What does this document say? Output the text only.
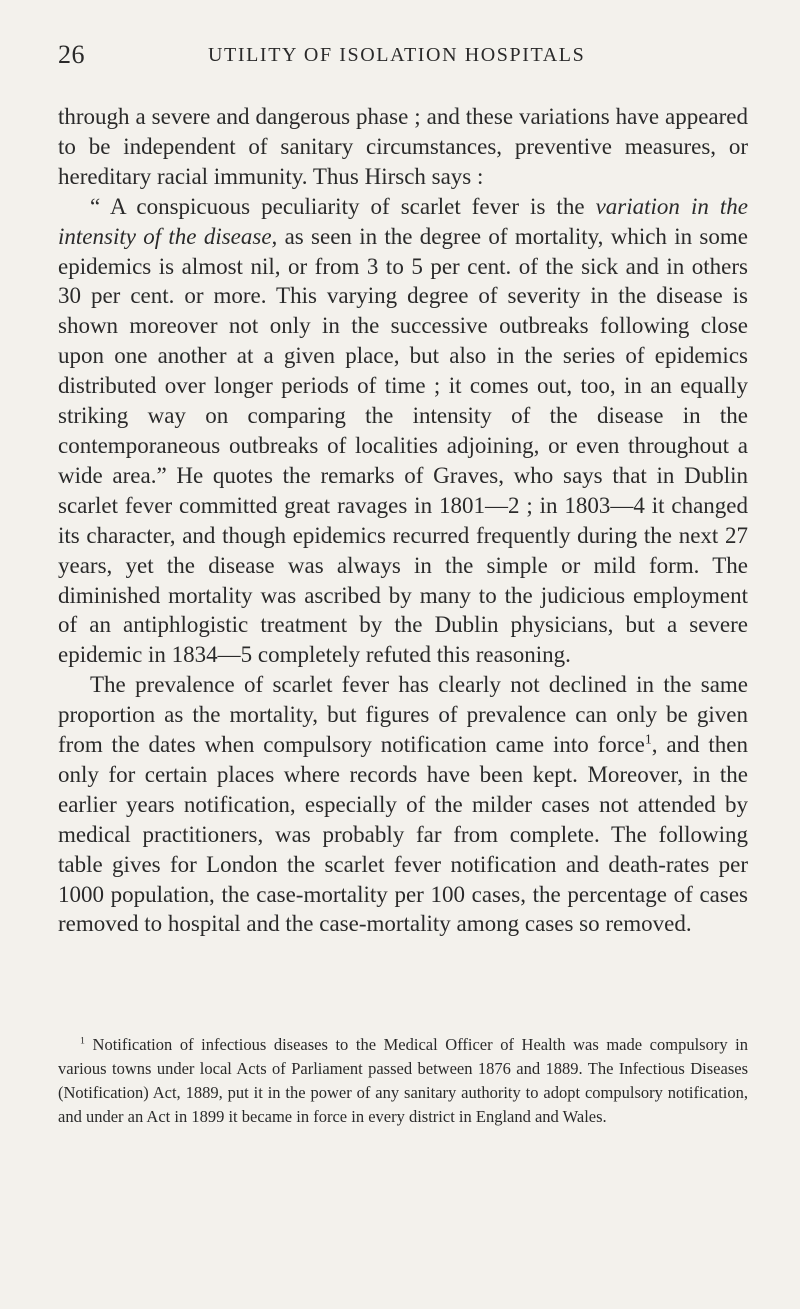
26	UTILITY OF ISOLATION HOSPITALS

through a severe and dangerous phase ; and these variations have appeared to be independent of sanitary circumstances, preventive measures, or hereditary racial immunity. Thus Hirsch says :

“ A conspicuous peculiarity of scarlet fever is the variation in the intensity of the disease, as seen in the degree of mortality, which in some epidemics is almost nil, or from 3 to 5 per cent. of the sick and in others 30 per cent. or more. This varying degree of severity in the disease is shown moreover not only in the successive outbreaks following close upon one another at a given place, but also in the series of epidemics distributed over longer periods of time ; it comes out, too, in an equally striking way on comparing the intensity of the disease in the contemporaneous outbreaks of localities adjoining, or even throughout a wide area.” He quotes the remarks of Graves, who says that in Dublin scarlet fever committed great ravages in 1801—2 ; in 1803—4 it changed its character, and though epidemics recurred frequently during the next 27 years, yet the disease was always in the simple or mild form. The diminished mortality was ascribed by many to the judicious employment of an antiphlogistic treatment by the Dublin physicians, but a severe epidemic in 1834—5 completely refuted this reasoning.

The prevalence of scarlet fever has clearly not declined in the same proportion as the mortality, but figures of prevalence can only be given from the dates when compulsory notification came into force$^1$, and then only for certain places where records have been kept. Moreover, in the earlier years notification, especially of the milder cases not attended by medical practitioners, was probably far from complete. The following table gives for London the scarlet fever notification and death-rates per 1000 population, the case-mortality per 100 cases, the percentage of cases removed to hospital and the case-mortality among cases so removed.

$^1$ Notification of infectious diseases to the Medical Officer of Health was made compulsory in various towns under local Acts of Parliament passed between 1876 and 1889. The Infectious Diseases (Notification) Act, 1889, put it in the power of any sanitary authority to adopt compulsory notification, and under an Act in 1899 it became in force in every district in England and Wales.
